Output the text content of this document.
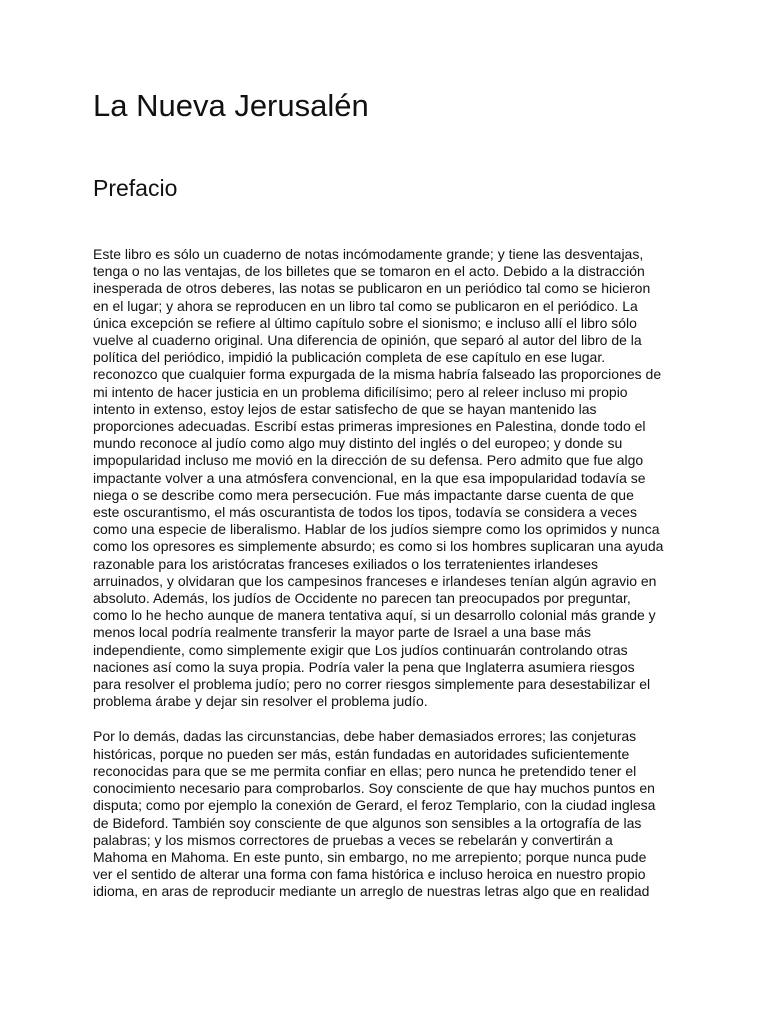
La Nueva Jerusalén
Prefacio
Este libro es sólo un cuaderno de notas incómodamente grande; y tiene las desventajas,
tenga o no las ventajas, de los billetes que se tomaron en el acto. Debido a la distracción
inesperada de otros deberes, las notas se publicaron en un periódico tal como se hicieron
en el lugar; y ahora se reproducen en un libro tal como se publicaron en el periódico. La
única excepción se refiere al último capítulo sobre el sionismo; e incluso allí el libro sólo
vuelve al cuaderno original. Una diferencia de opinión, que separó al autor del libro de la
política del periódico, impidió la publicación completa de ese capítulo en ese lugar.
reconozco que cualquier forma expurgada de la misma habría falseado las proporciones de
mi intento de hacer justicia en un problema dificilísimo; pero al releer incluso mi propio
intento in extenso, estoy lejos de estar satisfecho de que se hayan mantenido las
proporciones adecuadas. Escribí estas primeras impresiones en Palestina, donde todo el
mundo reconoce al judío como algo muy distinto del inglés o del europeo; y donde su
impopularidad incluso me movió en la dirección de su defensa. Pero admito que fue algo
impactante volver a una atmósfera convencional, en la que esa impopularidad todavía se
niega o se describe como mera persecución. Fue más impactante darse cuenta de que
este oscurantismo, el más oscurantista de todos los tipos, todavía se considera a veces
como una especie de liberalismo. Hablar de los judíos siempre como los oprimidos y nunca
como los opresores es simplemente absurdo; es como si los hombres suplicaran una ayuda
razonable para los aristócratas franceses exiliados o los terratenientes irlandeses
arruinados, y olvidaran que los campesinos franceses e irlandeses tenían algún agravio en
absoluto. Además, los judíos de Occidente no parecen tan preocupados por preguntar,
como lo he hecho aunque de manera tentativa aquí, si un desarrollo colonial más grande y
menos local podría realmente transferir la mayor parte de Israel a una base más
independiente, como simplemente exigir que Los judíos continuarán controlando otras
naciones así como la suya propia. Podría valer la pena que Inglaterra asumiera riesgos
para resolver el problema judío; pero no correr riesgos simplemente para desestabilizar el
problema árabe y dejar sin resolver el problema judío.
Por lo demás, dadas las circunstancias, debe haber demasiados errores; las conjeturas
históricas, porque no pueden ser más, están fundadas en autoridades suficientemente
reconocidas para que se me permita confiar en ellas; pero nunca he pretendido tener el
conocimiento necesario para comprobarlos. Soy consciente de que hay muchos puntos en
disputa; como por ejemplo la conexión de Gerard, el feroz Templario, con la ciudad inglesa
de Bideford. También soy consciente de que algunos son sensibles a la ortografía de las
palabras; y los mismos correctores de pruebas a veces se rebelarán y convertirán a
Mahoma en Mahoma. En este punto, sin embargo, no me arrepiento; porque nunca pude
ver el sentido de alterar una forma con fama histórica e incluso heroica en nuestro propio
idioma, en aras de reproducir mediante un arreglo de nuestras letras algo que en realidad
